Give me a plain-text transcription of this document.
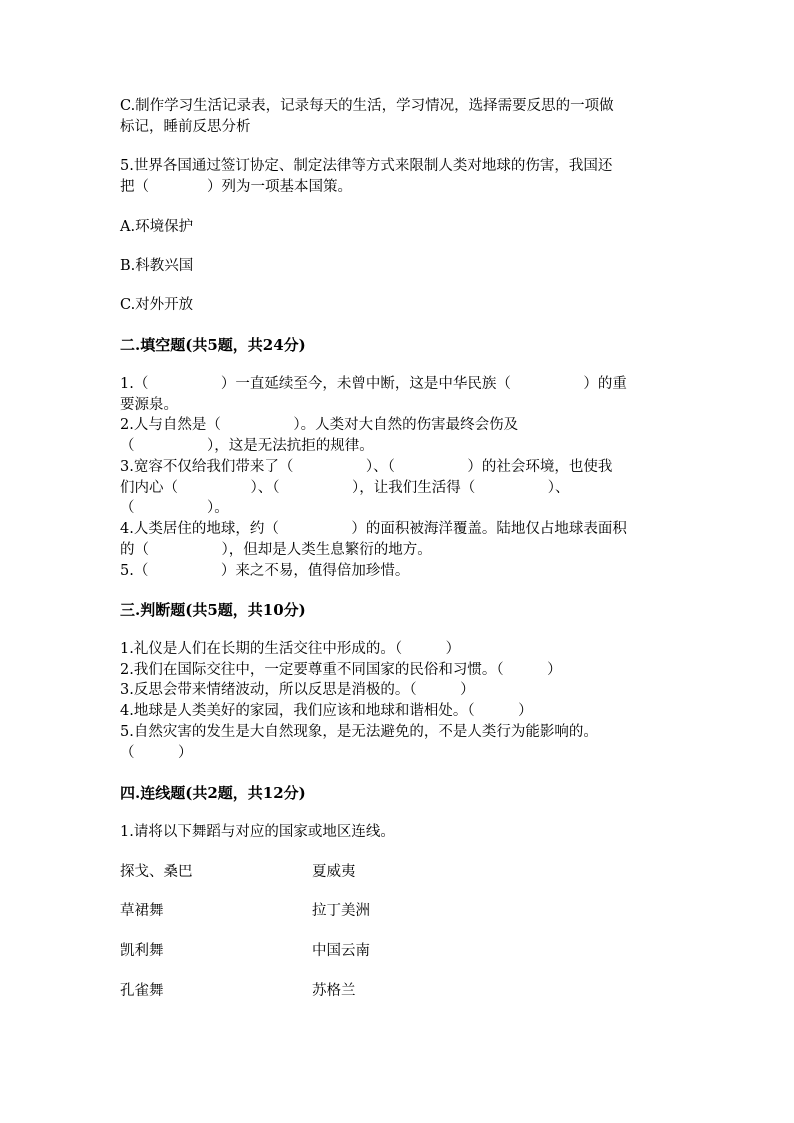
C.制作学习生活记录表，记录每天的生活，学习情况，选择需要反思的一项做
标记，睡前反思分析
5.世界各国通过签订协定、制定法律等方式来限制人类对地球的伤害，我国还
把（　　　　）列为一项基本国策。
A.环境保护
B.科教兴国
C.对外开放
二.填空题(共5题，共24分)
1.（　　　　　）一直延续至今，未曾中断，这是中华民族（　　　　　）的重
要源泉。
2.人与自然是（　　　　　）。人类对大自然的伤害最终会伤及
（　　　　　），这是无法抗拒的规律。
3.宽容不仅给我们带来了（　　　　　）、（　　　　　）的社会环境，也使我
们内心（　　　　　）、（　　　　　），让我们生活得（　　　　　）、
（　　　　　）。
4.人类居住的地球，约（　　　　　）的面积被海洋覆盖。陆地仅占地球表面积
的（　　　　　），但却是人类生息繁衍的地方。
5.（　　　　　）来之不易，值得倍加珍惜。
三.判断题(共5题，共10分)
1.礼仪是人们在长期的生活交往中形成的。（　　　）
2.我们在国际交往中，一定要尊重不同国家的民俗和习惯。（　　　）
3.反思会带来情绪波动，所以反思是消极的。（　　　）
4.地球是人类美好的家园，我们应该和地球和谐相处。（　　　）
5.自然灾害的发生是大自然现象，是无法避免的，不是人类行为能影响的。
（　　　）
四.连线题(共2题，共12分)
1.请将以下舞蹈与对应的国家或地区连线。
探戈、桑巴	夏威夷
草裙舞	拉丁美洲
凯利舞	中国云南
孔雀舞	苏格兰
